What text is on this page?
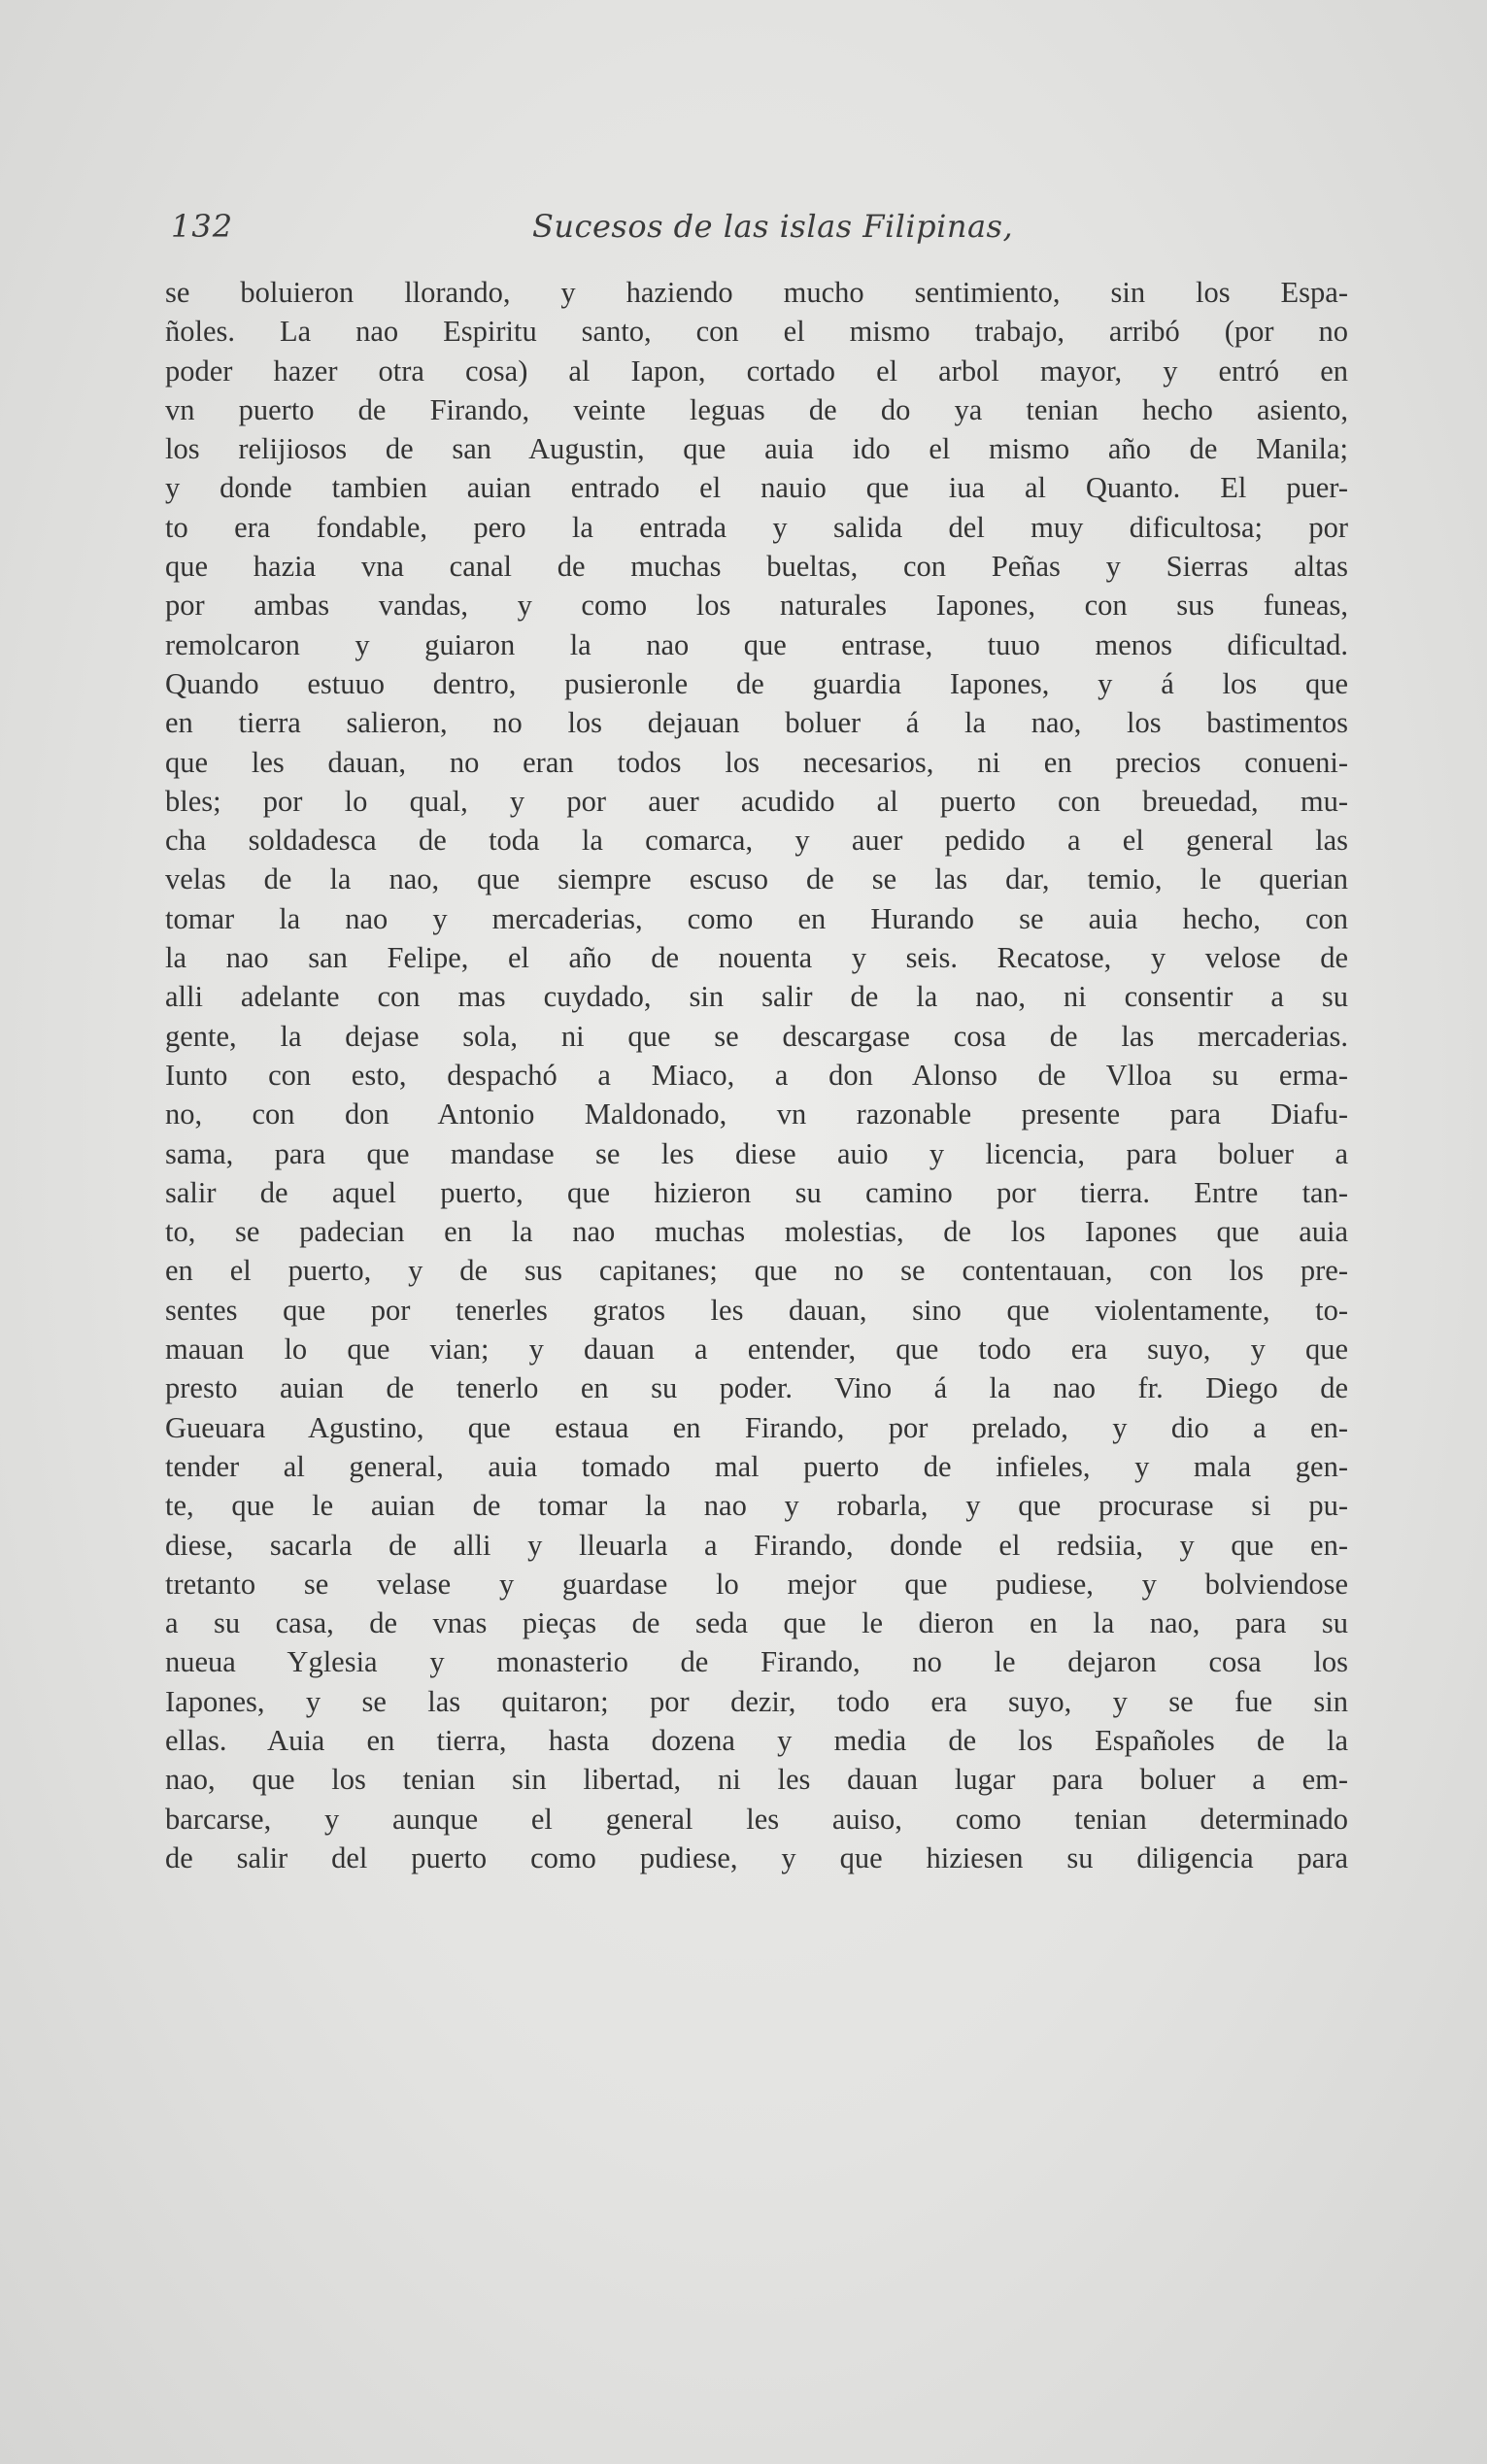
132	Sucesos de las islas Filipinas,
se boluieron llorando, y haziendo mucho sentimiento, sin los Espa-
ñoles. La nao Espiritu santo, con el mismo trabajo, arribó (por no
poder hazer otra cosa) al Iapon, cortado el arbol mayor, y entró en
vn puerto de Firando, veinte leguas de do ya tenian hecho asiento,
los relijiosos de san Augustin, que auia ido el mismo año de Manila;
y donde tambien auian entrado el nauio que iua al Quanto. El puer-
to era fondable, pero la entrada y salida del muy dificultosa; por
que hazia vna canal de muchas bueltas, con Peñas y Sierras altas
por ambas vandas, y como los naturales Iapones, con sus funeas,
remolcaron y guiaron la nao que entrase, tuuo menos dificultad.
Quando estuuo dentro, pusieronle de guardia Iapones, y á los que
en tierra salieron, no los dejauan boluer á la nao, los bastimentos
que les dauan, no eran todos los necesarios, ni en precios conueni-
bles; por lo qual, y por auer acudido al puerto con breuedad, mu-
cha soldadesca de toda la comarca, y auer pedido a el general las
velas de la nao, que siempre escuso de se las dar, temio, le querian
tomar la nao y mercaderias, como en Hurando se auia hecho, con
la nao san Felipe, el año de nouenta y seis. Recatose, y velose de
alli adelante con mas cuydado, sin salir de la nao, ni consentir a su
gente, la dejase sola, ni que se descargase cosa de las mercaderias.
Iunto con esto, despachó a Miaco, a don Alonso de Vlloa su erma-
no, con don Antonio Maldonado, vn razonable presente para Diafu-
sama, para que mandase se les diese auio y licencia, para boluer a
salir de aquel puerto, que hizieron su camino por tierra. Entre tan-
to, se padecian en la nao muchas molestias, de los Iapones que auia
en el puerto, y de sus capitanes; que no se contentauan, con los pre-
sentes que por tenerles gratos les dauan, sino que violentamente, to-
mauan lo que vian; y dauan a entender, que todo era suyo, y que
presto auian de tenerlo en su poder. Vino á la nao fr. Diego de
Gueuara Agustino, que estaua en Firando, por prelado, y dio a en-
tender al general, auia tomado mal puerto de infieles, y mala gen-
te, que le auian de tomar la nao y robarla, y que procurase si pu-
diese, sacarla de alli y lleuarla a Firando, donde el redsiia, y que en-
tretanto se velase y guardase lo mejor que pudiese, y bolviendose
a su casa, de vnas pieças de seda que le dieron en la nao, para su
nueua Yglesia y monasterio de Firando, no le dejaron cosa los
Iapones, y se las quitaron; por dezir, todo era suyo, y se fue sin
ellas. Auia en tierra, hasta dozena y media de los Españoles de la
nao, que los tenian sin libertad, ni les dauan lugar para boluer a em-
barcarse, y aunque el general les auiso, como tenian determinado
de salir del puerto como pudiese, y que hiziesen su diligencia para
